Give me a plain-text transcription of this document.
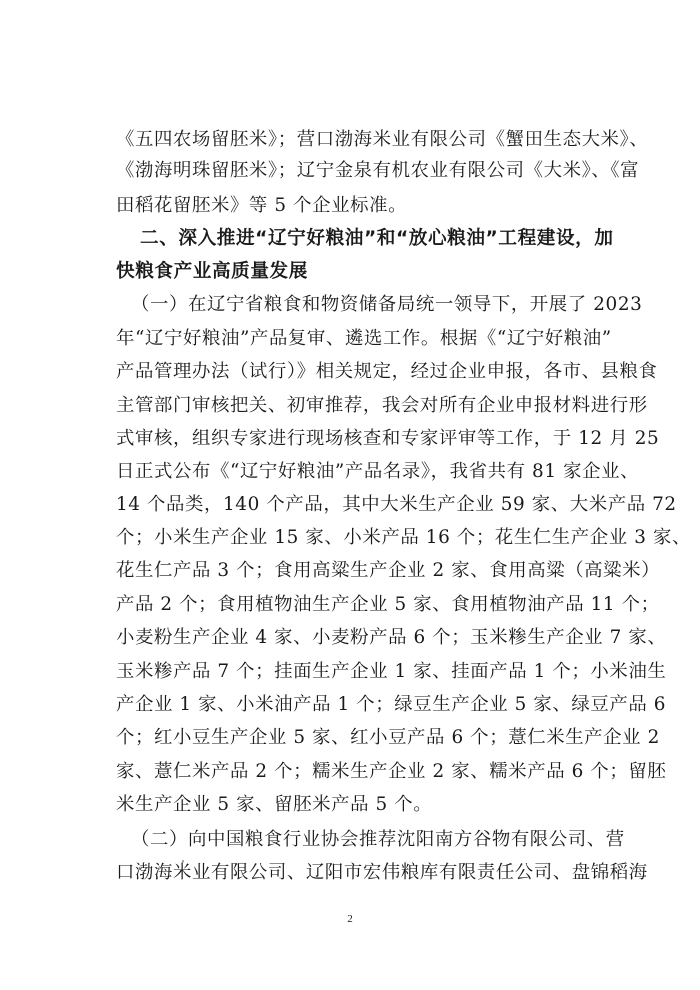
《五四农场留胚米》；营口渤海米业有限公司《蟹田生态大米》、
《渤海明珠留胚米》；辽宁金泉有机农业有限公司《大米》、《富
田稻花留胚米》等 5 个企业标准。
二、深入推进“辽宁好粮油”和“放心粮油”工程建设，加
快粮食产业高质量发展
（一）在辽宁省粮食和物资储备局统一领导下，开展了 2023
年“辽宁好粮油”产品复审、遴选工作。根据《“辽宁好粮油”
产品管理办法（试行）》相关规定，经过企业申报，各市、县粮食
主管部门审核把关、初审推荐，我会对所有企业申报材料进行形
式审核，组织专家进行现场核查和专家评审等工作，于 12 月 25
日正式公布《“辽宁好粮油”产品名录》，我省共有 81 家企业、
14 个品类，140 个产品，其中大米生产企业 59 家、大米产品 72
个；小米生产企业 15 家、小米产品 16 个；花生仁生产企业 3 家、
花生仁产品 3 个；食用高粱生产企业 2 家、食用高粱（高粱米）
产品 2 个；食用植物油生产企业 5 家、食用植物油产品 11 个；
小麦粉生产企业 4 家、小麦粉产品 6 个；玉米糁生产企业 7 家、
玉米糁产品 7 个；挂面生产企业 1 家、挂面产品 1 个；小米油生
产企业 1 家、小米油产品 1 个；绿豆生产企业 5 家、绿豆产品 6
个；红小豆生产企业 5 家、红小豆产品 6 个；薏仁米生产企业 2
家、薏仁米产品 2 个；糯米生产企业 2 家、糯米产品 6 个；留胚
米生产企业 5 家、留胚米产品 5 个。
（二）向中国粮食行业协会推荐沈阳南方谷物有限公司、营
口渤海米业有限公司、辽阳市宏伟粮库有限责任公司、盘锦稻海
2
